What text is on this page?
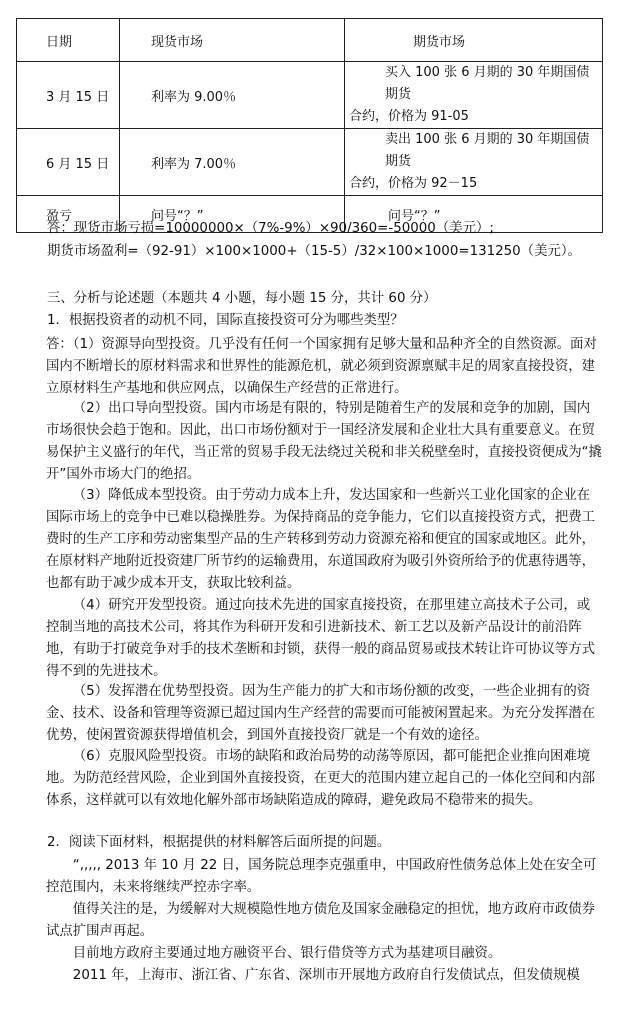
日期	现货市场	期货市场
3 月 15 日	利率为 9.00％	买入 100 张 6 月期的 30 年期国债期货
合约，价格为 91-05

6 月 15 日	利率为 7.00％	卖出 100 张 6 月期的 30 年期国债期货
合约，价格为 92－15

盈亏	问号“？”	问号“？”
答：现货市场亏损=10000000×（7%-9%）×90/360=-50000（美元）;
期货市场盈利=（92-91）×100×1000+（15-5）/32×100×1000=131250（美元）。
三、分析与论述题（本题共 4 小题，每小题 15 分，共计 60 分）
1．根据投资者的动机不同，国际直接投资可分为哪些类型？
答：（1）资源导向型投资。几乎没有任何一个国家拥有足够大量和品种齐全的自然资源。面对国内不断增长的原材料需求和世界性的能源危机，就必须到资源禀赋丰足的周家直接投资，建立原材料生产基地和供应网点，以确保生产经营的正常进行。
（2）出口导向型投资。国内市场是有限的，特别是随着生产的发展和竞争的加剧，国内市场很快会趋于饱和。因此，出口市场份额对于一国经济发展和企业壮大具有重要意义。在贸易保护主义盛行的年代，当正常的贸易手段无法绕过关税和非关税壁垒时，直接投资便成为“撬开”国外市场大门的绝招。
（3）降低成本型投资。由于劳动力成本上升，发达国家和一些新兴工业化国家的企业在国际市场上的竞争中已难以稳操胜券。为保持商品的竞争能力，它们以直接投资方式，把费工费时的生产工序和劳动密集型产品的生产转移到劳动力资源充裕和便宜的国家或地区。此外，在原材料产地附近投资建厂所节约的运输费用，东道国政府为吸引外资所给予的优惠待遇等，也都有助于减少成本开支，获取比较利益。
（4）研究开发型投资。通过向技术先进的国家直接投资，在那里建立高技术子公司，或控制当地的高技术公司，将其作为科研开发和引进新技术、新工艺以及新产品设计的前沿阵地，有助于打破竞争对手的技术垄断和封锁，获得一般的商品贸易或技术转让许可协议等方式得不到的先进技术。
（5）发挥潜在优势型投资。因为生产能力的扩大和市场份额的改变，一些企业拥有的资金、技术、设备和管理等资源已超过国内生产经营的需要而可能被闲置起来。为充分发挥潜在优势，使闲置资源获得增值机会，到国外直接投资厂就是一个有效的途径。
（6）克服风险型投资。市场的缺陷和政治局势的动荡等原因，都可能把企业推向困难境地。为防范经营风险，企业到国外直接投资，在更大的范围内建立起自己的一体化空间和内部体系，这样就可以有效地化解外部市场缺陷造成的障碍，避免政局不稳带来的损失。
2．阅读下面材料，根据提供的材料解答后面所提的问题。
“,,,,, 2013 年 10 月 22 日，国务院总理李克强重申，中国政府性债务总体上处在安全可控范围内，未来将继续严控赤字率。
值得关注的是，为缓解对大规模隐性地方债危及国家金融稳定的担忧，地方政府市政债券试点扩围声再起。
目前地方政府主要通过地方融资平台、银行借贷等方式为基建项目融资。
2011 年，上海市、浙江省、广东省、深圳市开展地方政府自行发债试点，但发债规模
